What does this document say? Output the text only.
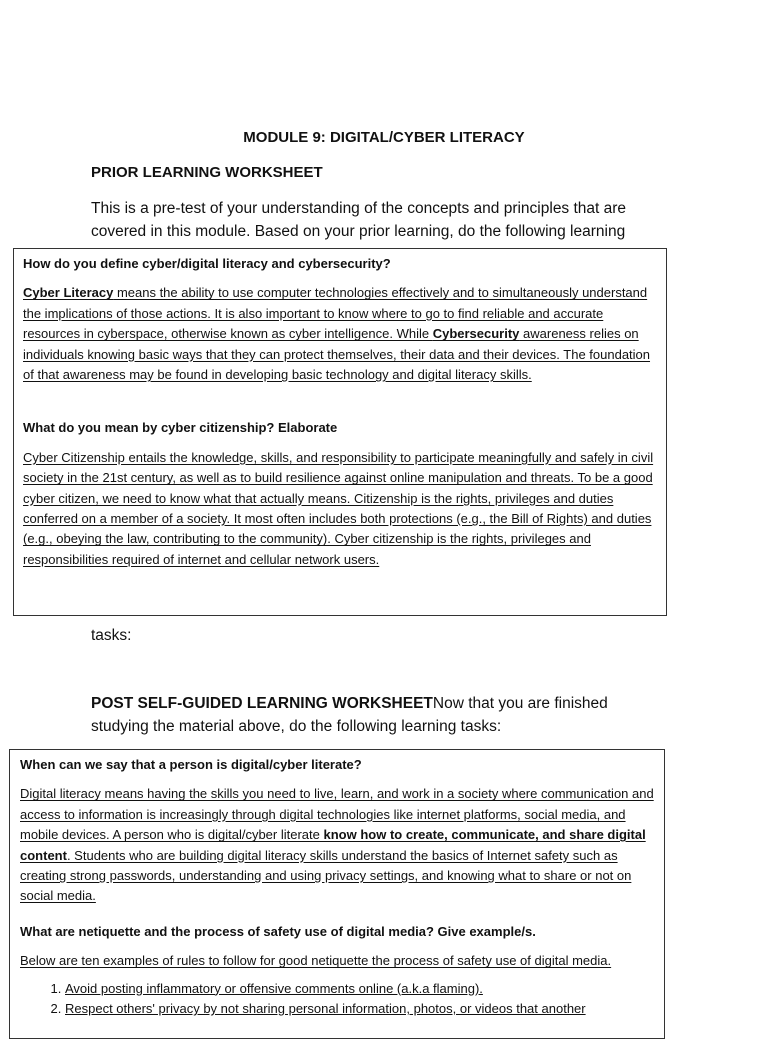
MODULE 9: DIGITAL/CYBER LITERACY
PRIOR LEARNING WORKSHEET
This is a pre-test of your understanding of the concepts and principles that are covered in this module. Based on your prior learning, do the following learning

How do you define cyber/digital literacy and cybersecurity?

Cyber Literacy means the ability to use computer technologies effectively and to simultaneously understand the implications of those actions. It is also important to know where to go to find reliable and accurate resources in cyberspace, otherwise known as cyber intelligence. While Cybersecurity awareness relies on individuals knowing basic ways that they can protect themselves, their data and their devices. The foundation of that awareness may be found in developing basic technology and digital literacy skills.

What do you mean by cyber citizenship? Elaborate

Cyber Citizenship entails the knowledge, skills, and responsibility to participate meaningfully and safely in civil society in the 21st century, as well as to build resilience against online manipulation and threats. To be a good cyber citizen, we need to know what that actually means. Citizenship is the rights, privileges and duties conferred on a member of a society. It most often includes both protections (e.g., the Bill of Rights) and duties (e.g., obeying the law, contributing to the community). Cyber citizenship is the rights, privileges and responsibilities required of internet and cellular network users.

tasks:
POST SELF-GUIDED LEARNING WORKSHEETNow that you are finished studying the material above, do the following learning tasks:

When can we say that a person is digital/cyber literate?

Digital literacy means having the skills you need to live, learn, and work in a society where communication and access to information is increasingly through digital technologies like internet platforms, social media, and mobile devices. A person who is digital/cyber literate know how to create, communicate, and share digital content. Students who are building digital literacy skills understand the basics of Internet safety such as creating strong passwords, understanding and using privacy settings, and knowing what to share or not on social media.

What are netiquette and the process of safety use of digital media? Give example/s.

Below are ten examples of rules to follow for good netiquette the process of safety use of digital media.

1. Avoid posting inflammatory or offensive comments online (a.k.a flaming).
2. Respect others' privacy by not sharing personal information, photos, or videos that another
